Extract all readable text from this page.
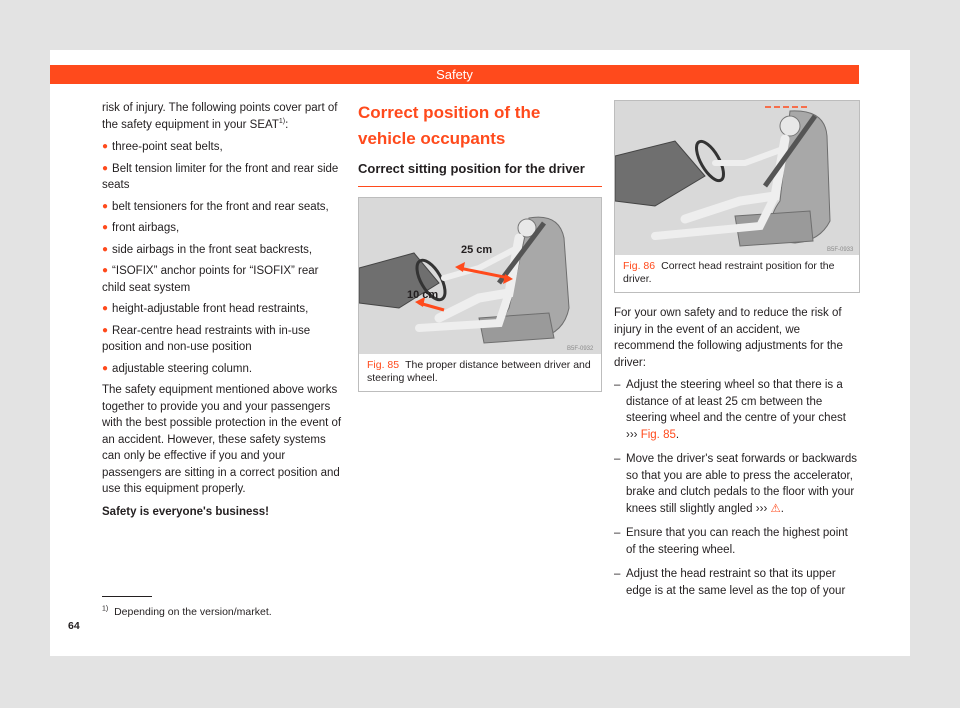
Safety

risk of injury. The following points cover part of the safety equipment in your SEAT$^{1)}$:

● three-point seat belts,
● Belt tension limiter for the front and rear side seats
● belt tensioners for the front and rear seats,
● front airbags,
● side airbags in the front seat backrests,
● “ISOFIX” anchor points for “ISOFIX” rear child seat system
● height-adjustable front head restraints,
● Rear-centre head restraints with in-use position and non-use position
● adjustable steering column.

The safety equipment mentioned above works together to provide you and your passengers with the best possible protection in the event of an accident. However, these safety systems can only be effective if you and your passengers are sitting in a correct position and use this equipment properly.

Safety is everyone's business!

Correct position of the vehicle occupants
Correct sitting position for the driver
25 cm
10 cm
B5F-0932
Fig. 85 The proper distance between driver and steering wheel.
B5F-0933
Fig. 86 Correct head restraint position for the driver.

For your own safety and to reduce the risk of injury in the event of an accident, we recommend the following adjustments for the driver:

– Adjust the steering wheel so that there is a distance of at least 25 cm between the steering wheel and the centre of your chest ››› Fig. 85.
– Move the driver's seat forwards or backwards so that you are able to press the accelerator, brake and clutch pedals to the floor with your knees still slightly angled ››› ⚠.
– Ensure that you can reach the highest point of the steering wheel.
– Adjust the head restraint so that its upper edge is at the same level as the top of your
$^{1)}$ Depending on the version/market.
64
